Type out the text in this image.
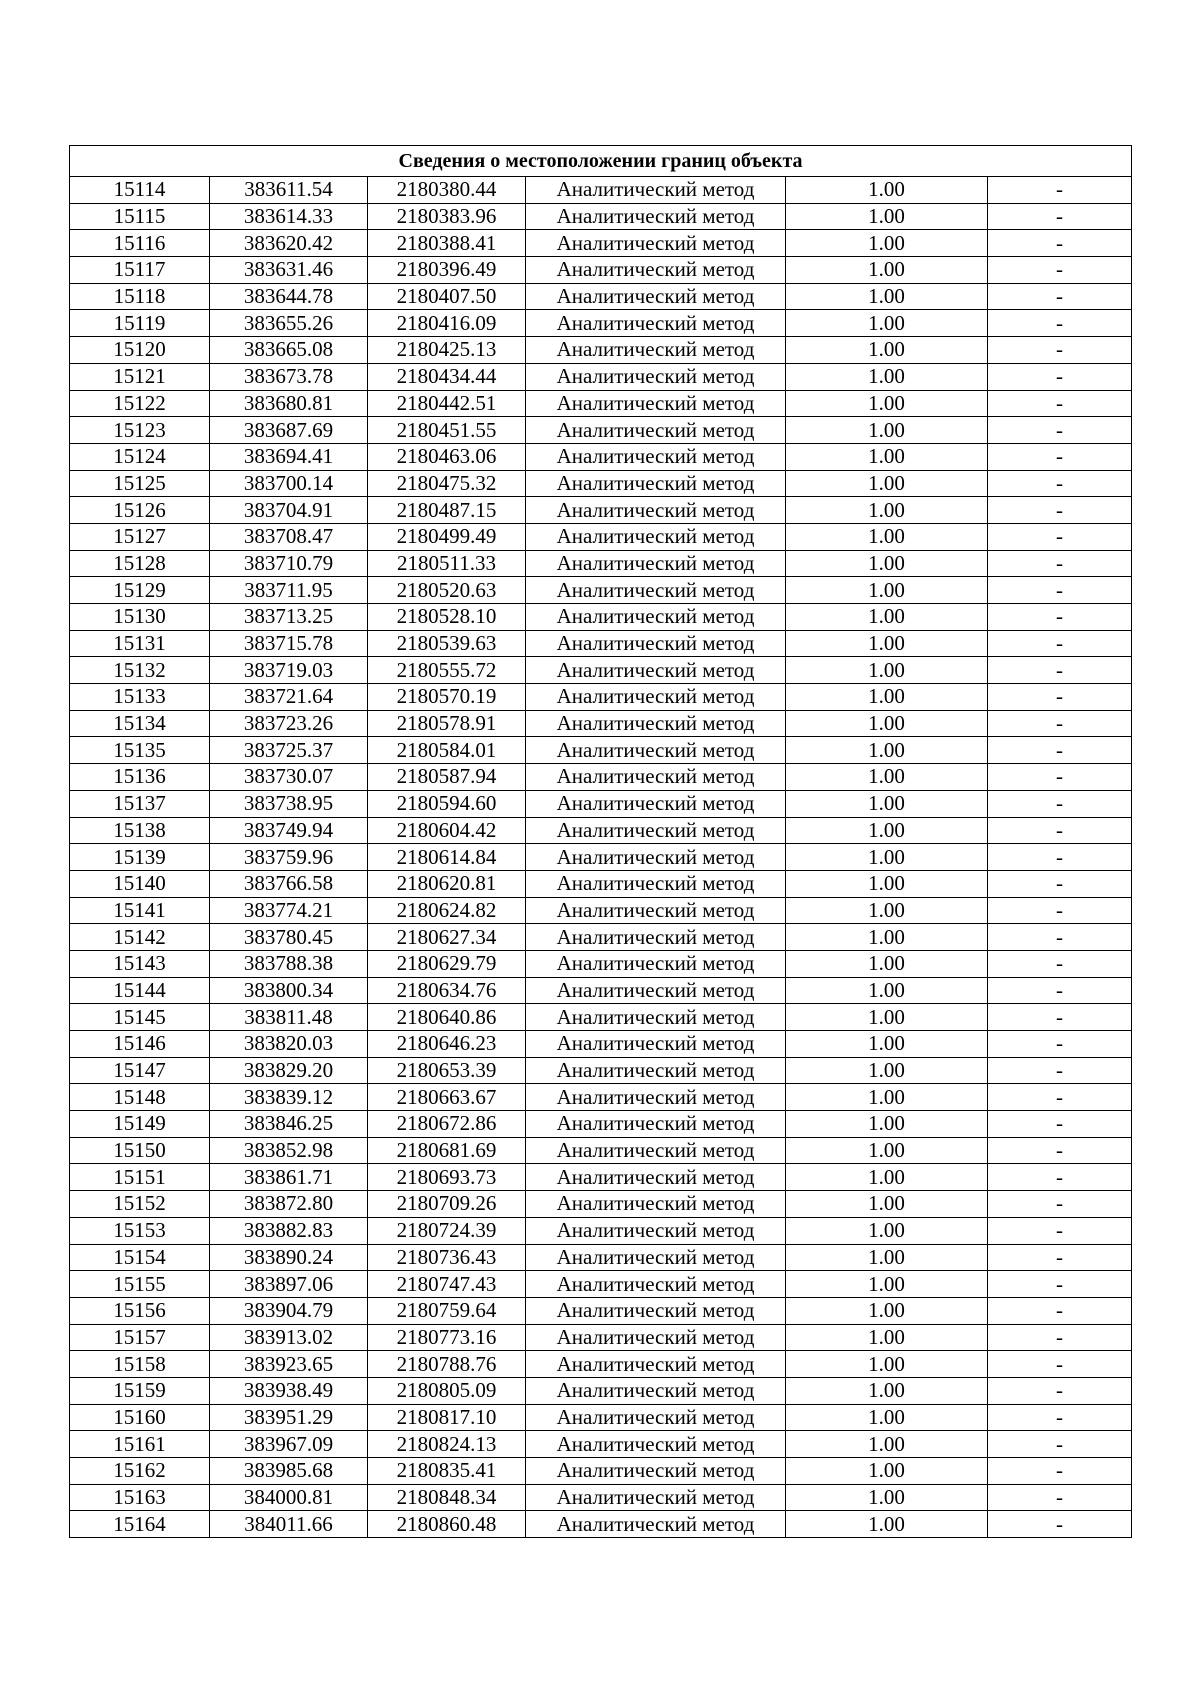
Сведения о местоположении границ объекта					
15114	383611.54	2180380.44	Аналитический метод	1.00	-
15115	383614.33	2180383.96	Аналитический метод	1.00	-
15116	383620.42	2180388.41	Аналитический метод	1.00	-
15117	383631.46	2180396.49	Аналитический метод	1.00	-
15118	383644.78	2180407.50	Аналитический метод	1.00	-
15119	383655.26	2180416.09	Аналитический метод	1.00	-
15120	383665.08	2180425.13	Аналитический метод	1.00	-
15121	383673.78	2180434.44	Аналитический метод	1.00	-
15122	383680.81	2180442.51	Аналитический метод	1.00	-
15123	383687.69	2180451.55	Аналитический метод	1.00	-
15124	383694.41	2180463.06	Аналитический метод	1.00	-
15125	383700.14	2180475.32	Аналитический метод	1.00	-
15126	383704.91	2180487.15	Аналитический метод	1.00	-
15127	383708.47	2180499.49	Аналитический метод	1.00	-
15128	383710.79	2180511.33	Аналитический метод	1.00	-
15129	383711.95	2180520.63	Аналитический метод	1.00	-
15130	383713.25	2180528.10	Аналитический метод	1.00	-
15131	383715.78	2180539.63	Аналитический метод	1.00	-
15132	383719.03	2180555.72	Аналитический метод	1.00	-
15133	383721.64	2180570.19	Аналитический метод	1.00	-
15134	383723.26	2180578.91	Аналитический метод	1.00	-
15135	383725.37	2180584.01	Аналитический метод	1.00	-
15136	383730.07	2180587.94	Аналитический метод	1.00	-
15137	383738.95	2180594.60	Аналитический метод	1.00	-
15138	383749.94	2180604.42	Аналитический метод	1.00	-
15139	383759.96	2180614.84	Аналитический метод	1.00	-
15140	383766.58	2180620.81	Аналитический метод	1.00	-
15141	383774.21	2180624.82	Аналитический метод	1.00	-
15142	383780.45	2180627.34	Аналитический метод	1.00	-
15143	383788.38	2180629.79	Аналитический метод	1.00	-
15144	383800.34	2180634.76	Аналитический метод	1.00	-
15145	383811.48	2180640.86	Аналитический метод	1.00	-
15146	383820.03	2180646.23	Аналитический метод	1.00	-
15147	383829.20	2180653.39	Аналитический метод	1.00	-
15148	383839.12	2180663.67	Аналитический метод	1.00	-
15149	383846.25	2180672.86	Аналитический метод	1.00	-
15150	383852.98	2180681.69	Аналитический метод	1.00	-
15151	383861.71	2180693.73	Аналитический метод	1.00	-
15152	383872.80	2180709.26	Аналитический метод	1.00	-
15153	383882.83	2180724.39	Аналитический метод	1.00	-
15154	383890.24	2180736.43	Аналитический метод	1.00	-
15155	383897.06	2180747.43	Аналитический метод	1.00	-
15156	383904.79	2180759.64	Аналитический метод	1.00	-
15157	383913.02	2180773.16	Аналитический метод	1.00	-
15158	383923.65	2180788.76	Аналитический метод	1.00	-
15159	383938.49	2180805.09	Аналитический метод	1.00	-
15160	383951.29	2180817.10	Аналитический метод	1.00	-
15161	383967.09	2180824.13	Аналитический метод	1.00	-
15162	383985.68	2180835.41	Аналитический метод	1.00	-
15163	384000.81	2180848.34	Аналитический метод	1.00	-
15164	384011.66	2180860.48	Аналитический метод	1.00	-
